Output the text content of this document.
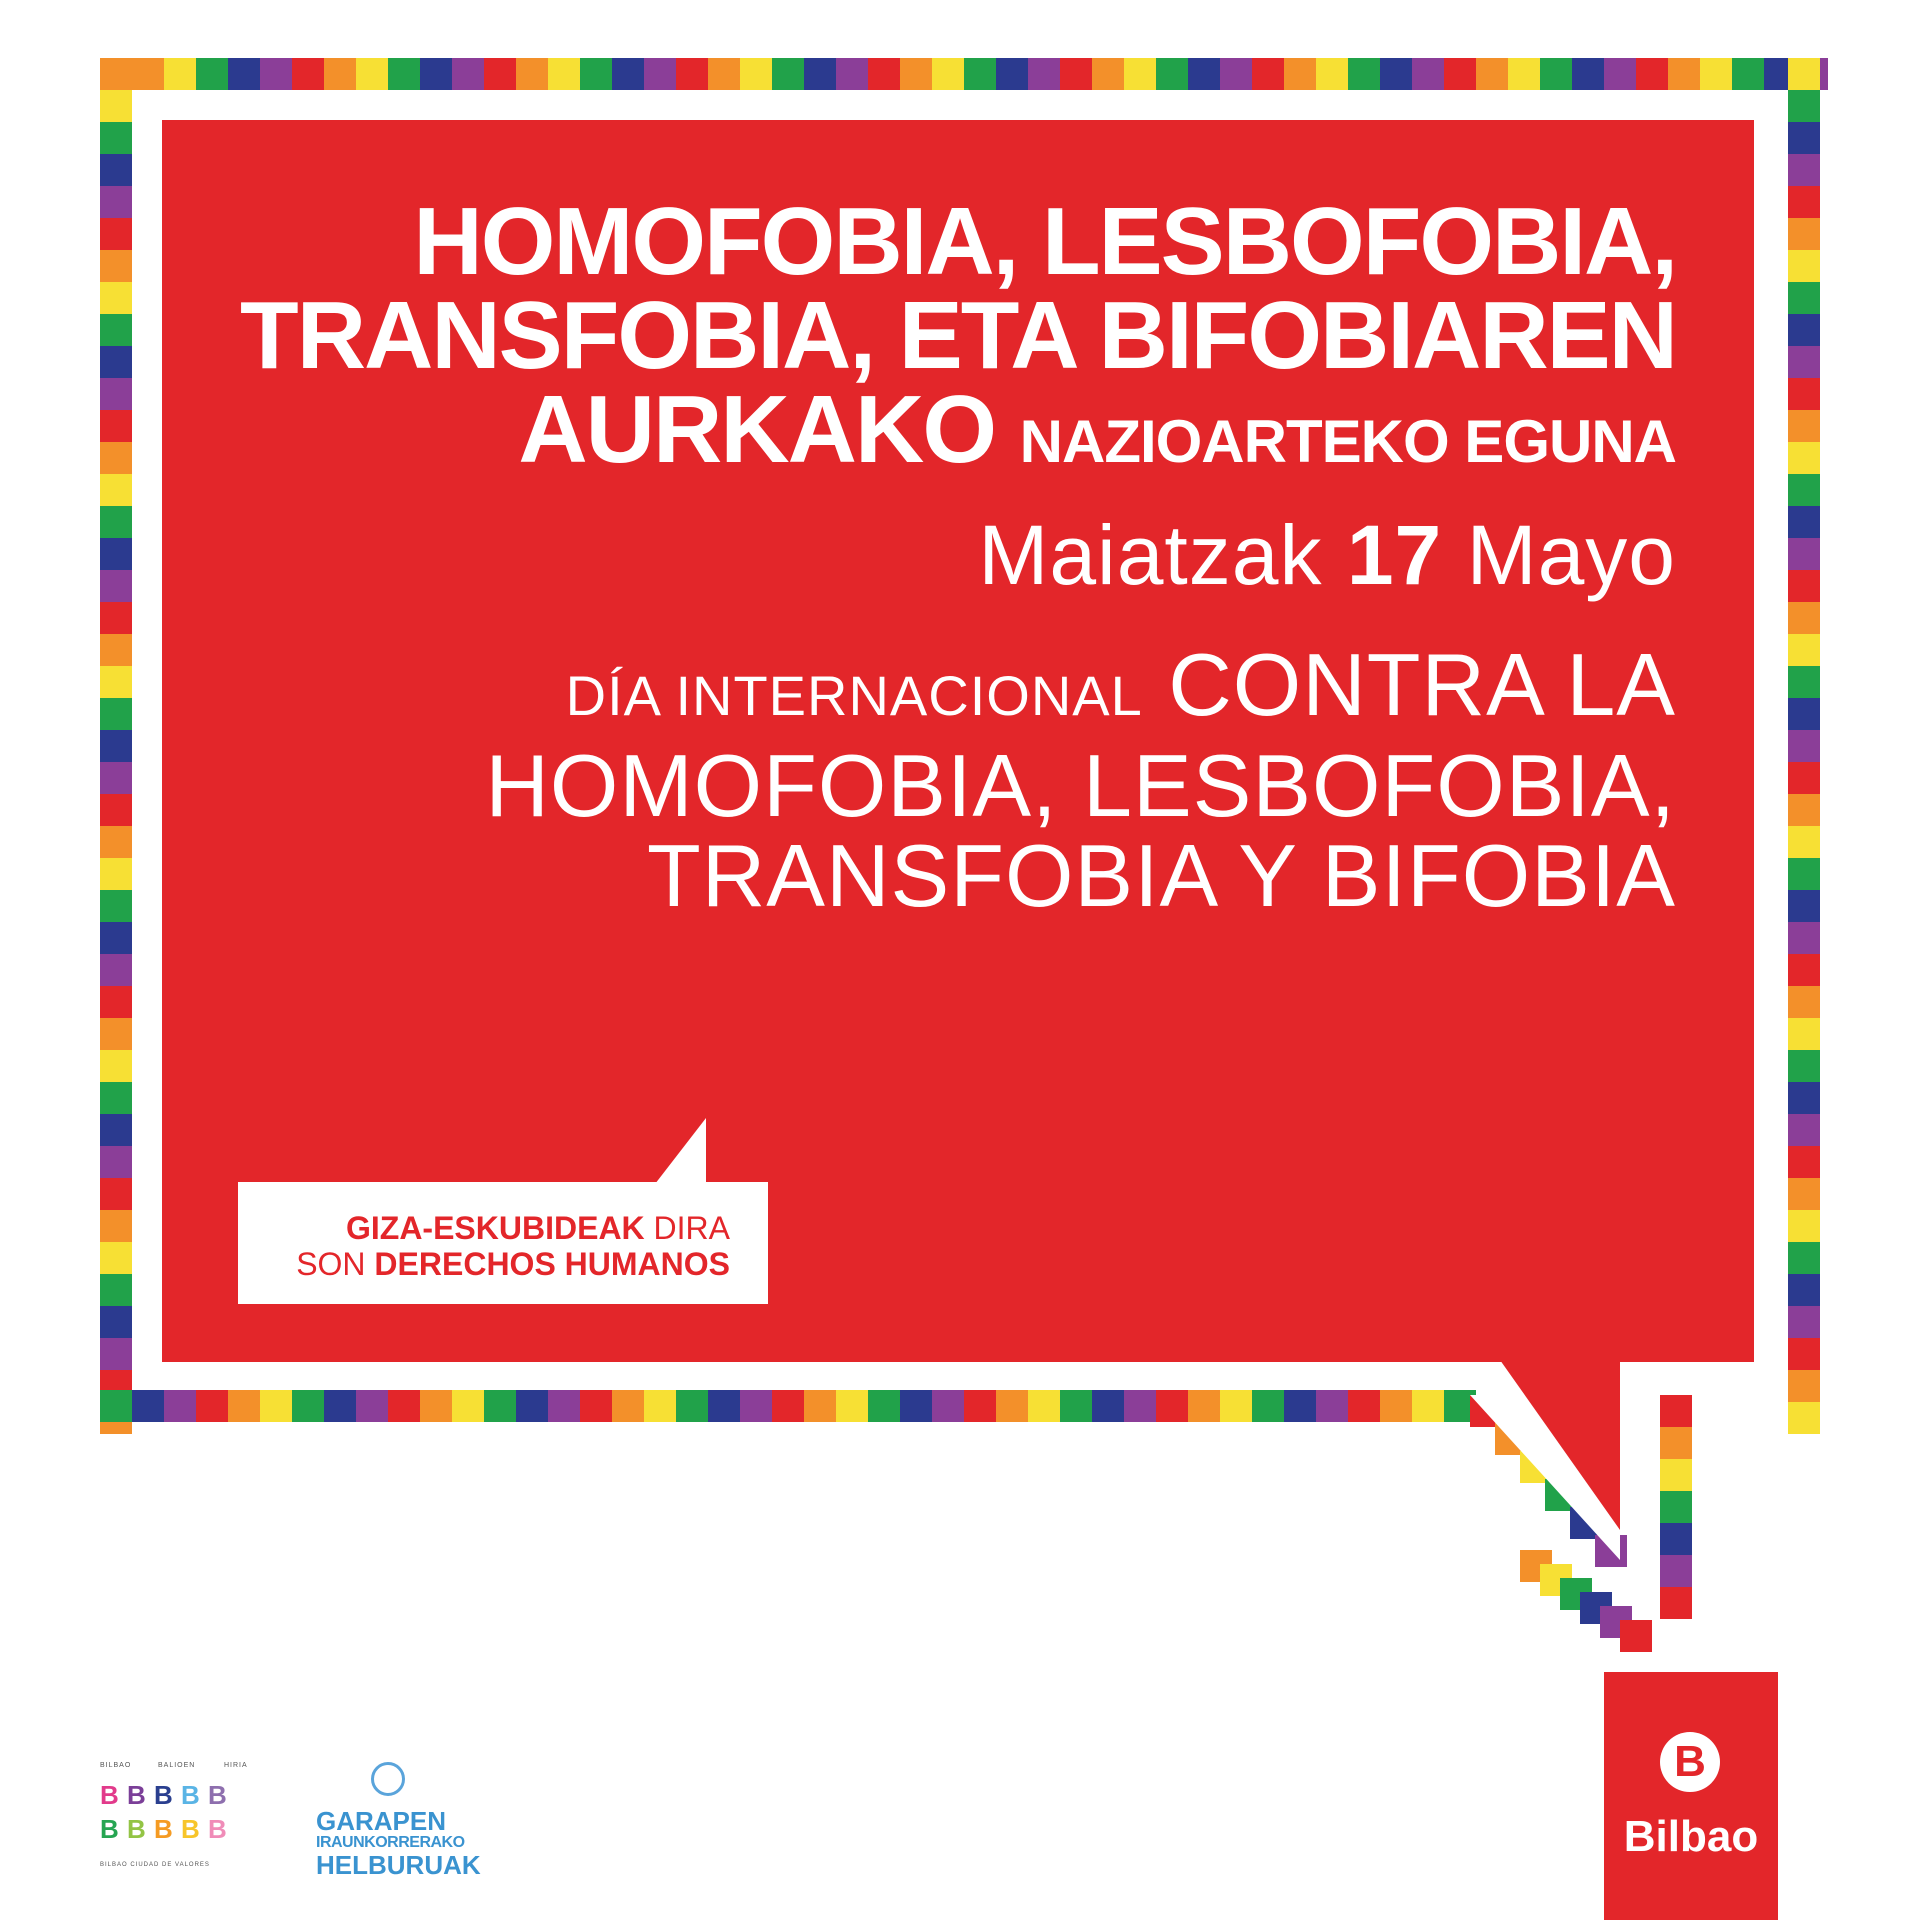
HOMOFOBIA, LESBOFOBIA,
TRANSFOBIA, ETA BIFOBIAREN
AURKAKO NAZIOARTEKO EGUNA
Maiatzak 17 Mayo
DÍA INTERNACIONAL CONTRA LA
HOMOFOBIA, LESBOFOBIA,
TRANSFOBIA Y BIFOBIA
GIZA-ESKUBIDEAK DIRA
SON DERECHOS HUMANOS
BILBAO	BALIOEN	HIRIA
B B B B B
B B B B B
BILBAO CIUDAD DE VALORES
GARAPEN
IRAUNKORRERAKO
HELBURUAK
B
Bilbao
